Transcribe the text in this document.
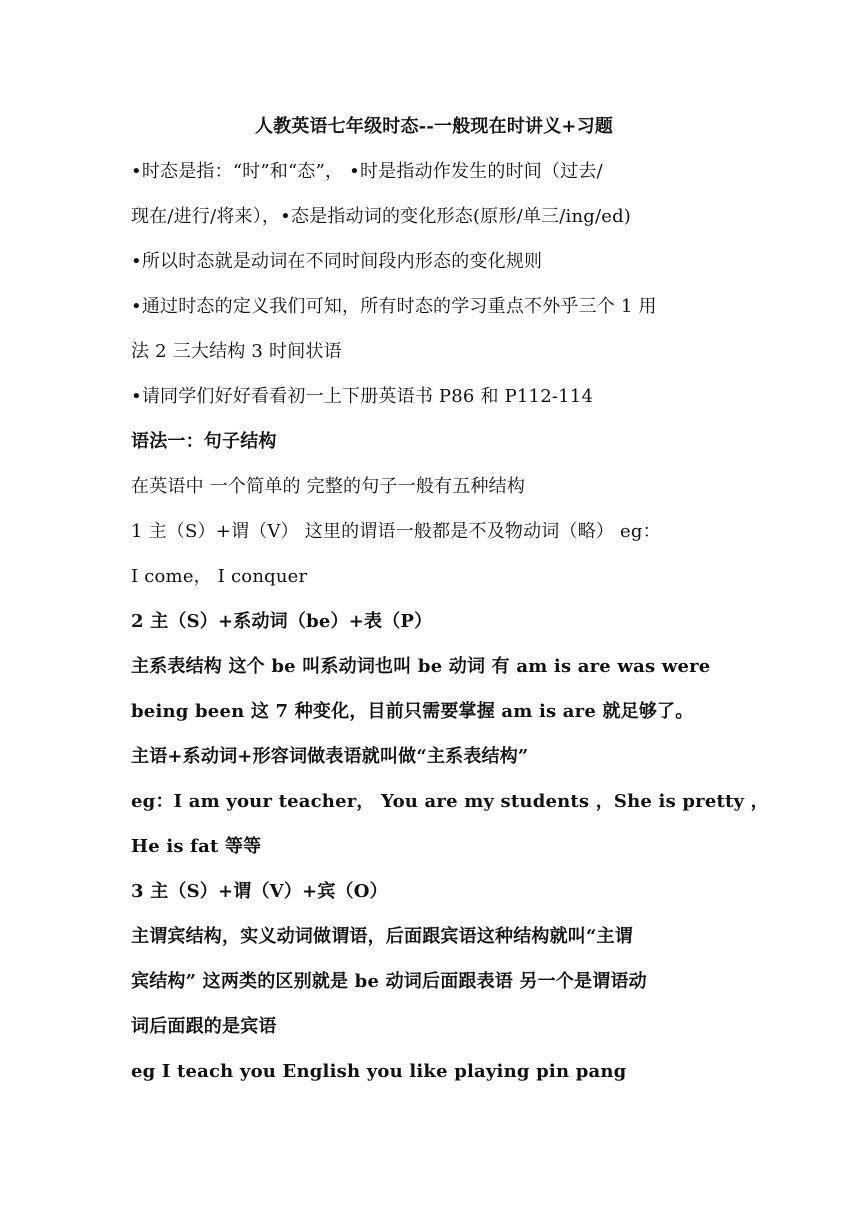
人教英语七年级时态--一般现在时讲义+习题
•时态是指：“时”和“态”， •时是指动作发生的时间（过去/
现在/进行/将来），•态是指动词的变化形态(原形/单三/ing/ed)
•所以时态就是动词在不同时间段内形态的变化规则
•通过时态的定义我们可知，所有时态的学习重点不外乎三个 1 用
法 2 三大结构 3 时间状语
•请同学们好好看看初一上下册英语书 P86 和 P112-114
语法一：句子结构
在英语中 一个简单的 完整的句子一般有五种结构
1 主（S）+谓（V） 这里的谓语一般都是不及物动词（略） eg：
I come， I conquer
2 主（S）+系动词（be）+表（P）
主系表结构 这个 be 叫系动词也叫 be 动词 有 am is are was were
being been 这 7 种变化，目前只需要掌握 am is are 就足够了。
主语+系动词+形容词做表语就叫做“主系表结构”
eg：I am your teacher， You are my students ，She is pretty ，
He is fat 等等
3 主（S）+谓（V）+宾（O）
主谓宾结构，实义动词做谓语，后面跟宾语这种结构就叫“主谓
宾结构” 这两类的区别就是 be 动词后面跟表语 另一个是谓语动
词后面跟的是宾语
eg I teach you English you like playing pin pang
